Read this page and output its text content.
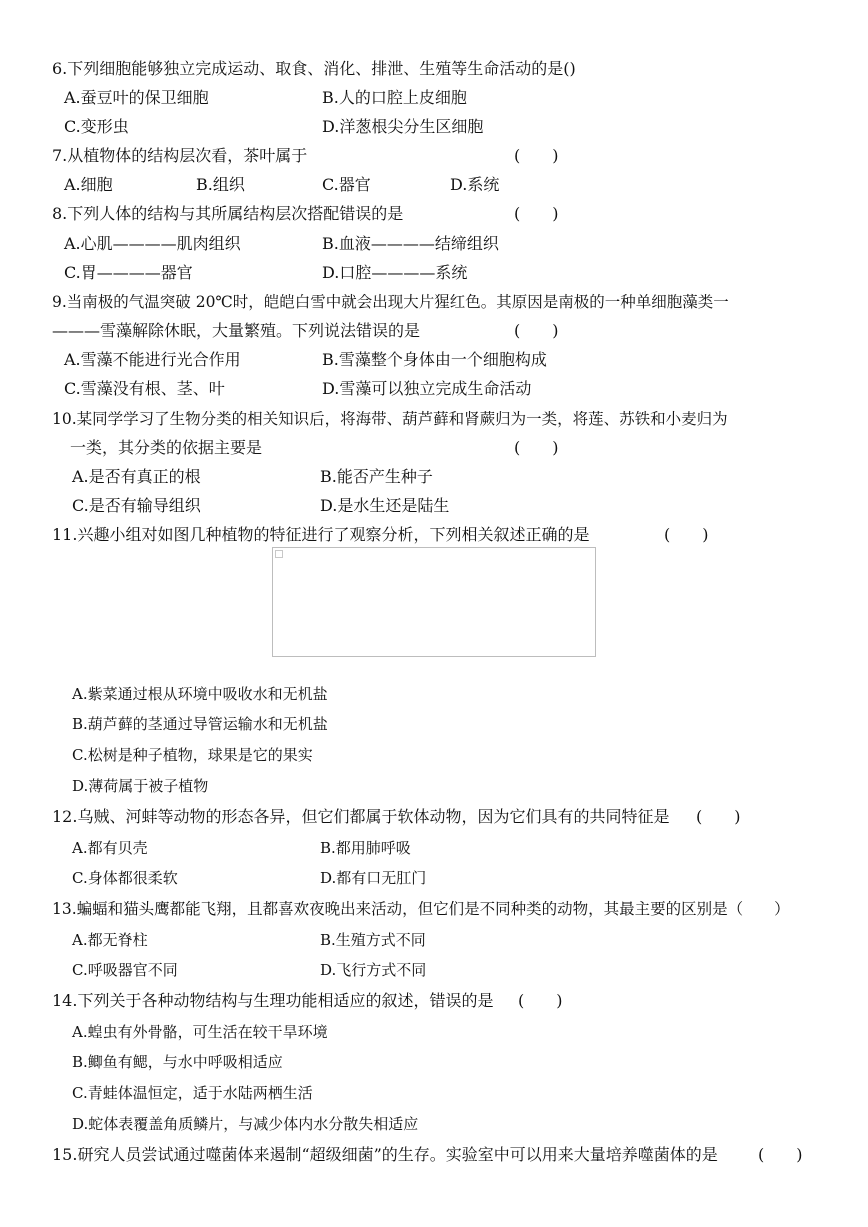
6.下列细胞能够独立完成运动、取食、消化、排泄、生殖等生命活动的是()
A.蚕豆叶的保卫细胞	B.人的口腔上皮细胞
C.变形虫	D.洋葱根尖分生区细胞
7.从植物体的结构层次看，茶叶属于	(　　)
A.细胞	B.组织	C.器官	D.系统
8.下列人体的结构与其所属结构层次搭配错误的是	(　　)
A.心肌————肌肉组织	B.血液————结缔组织
C.胃————器官	D.口腔————系统
9.当南极的气温突破 20℃时，皑皑白雪中就会出现大片猩红色。其原因是南极的一种单细胞藻类一
———雪藻解除休眠，大量繁殖。下列说法错误的是	(　　)
A.雪藻不能进行光合作用	B.雪藻整个身体由一个细胞构成
C.雪藻没有根、茎、叶	D.雪藻可以独立完成生命活动
10.某同学学习了生物分类的相关知识后，将海带、葫芦藓和肾蕨归为一类，将莲、苏铁和小麦归为
一类，其分类的依据主要是	(　　)
A.是否有真正的根	B.能否产生种子
C.是否有输导组织	D.是水生还是陆生
11.兴趣小组对如图几种植物的特征进行了观察分析，下列相关叙述正确的是	(　　)
A.紫菜通过根从环境中吸收水和无机盐
B.葫芦藓的茎通过导管运输水和无机盐
C.松树是种子植物，球果是它的果实
D.薄荷属于被子植物
12.乌贼、河蚌等动物的形态各异，但它们都属于软体动物，因为它们具有的共同特征是 (　　)
A.都有贝壳	B.都用肺呼吸
C.身体都很柔软	D.都有口无肛门
13.蝙蝠和猫头鹰都能飞翔，且都喜欢夜晚出来活动，但它们是不同种类的动物，其最主要的区别是（　　）
A.都无脊柱	B.生殖方式不同
C.呼吸器官不同	D.飞行方式不同
14.下列关于各种动物结构与生理功能相适应的叙述，错误的是 (　　)
A.蝗虫有外骨骼，可生活在较干旱环境
B.鲫鱼有鳃，与水中呼吸相适应
C.青蛙体温恒定，适于水陆两栖生活
D.蛇体表覆盖角质鳞片，与减少体内水分散失相适应
15.研究人员尝试通过噬菌体来遏制“超级细菌”的生存。实验室中可以用来大量培养噬菌体的是	(　　)
